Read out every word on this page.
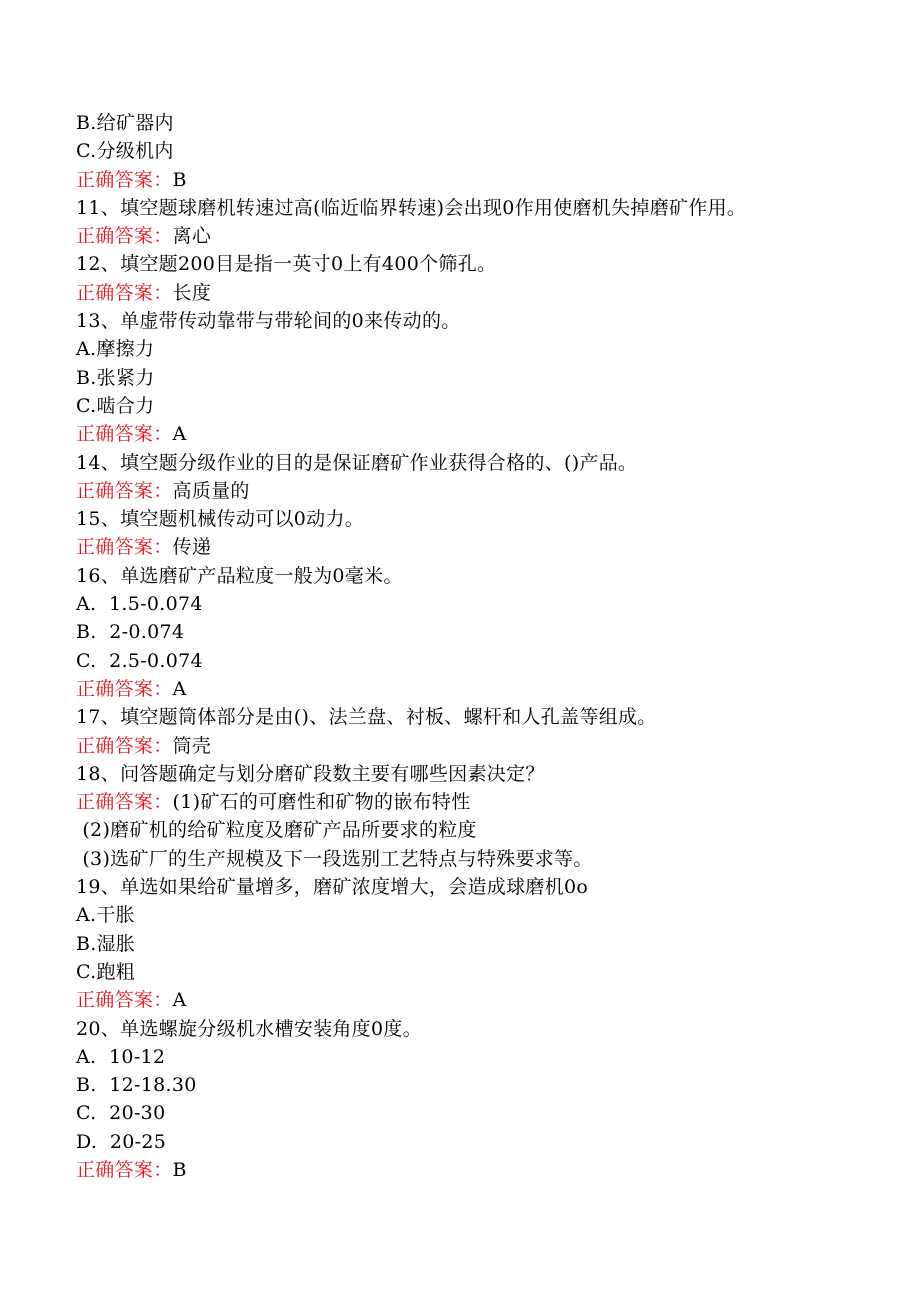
B.给矿器内
C.分级机内
正确答案：B
11、填空题球磨机转速过高(临近临界转速)会出现0作用使磨机失掉磨矿作用。
正确答案：离心
12、填空题200目是指一英寸0上有400个筛孔。
正确答案：长度
13、单虚带传动靠带与带轮间的0来传动的。
A.摩擦力
B.张紧力
C.啮合力
正确答案：A
14、填空题分级作业的目的是保证磨矿作业获得合格的、()产品。
正确答案：高质量的
15、填空题机械传动可以0动力。
正确答案：传递
16、单选磨矿产品粒度一般为0毫米。
A.  1.5-0.074
B.  2-0.074
C.  2.5-0.074
正确答案：A
17、填空题筒体部分是由()、法兰盘、衬板、螺杆和人孔盖等组成。
正确答案：筒壳
18、问答题确定与划分磨矿段数主要有哪些因素决定？
正确答案：(1)矿石的可磨性和矿物的嵌布特性
(2)磨矿机的给矿粒度及磨矿产品所要求的粒度
(3)选矿厂的生产规模及下一段选别工艺特点与特殊要求等。
19、单选如果给矿量增多，磨矿浓度增大，会造成球磨机0o
A.干胀
B.湿胀
C.跑粗
正确答案：A
20、单选螺旋分级机水槽安装角度0度。
A.  10-12
B.  12-18.30
C.  20-30
D.  20-25
正确答案：B
